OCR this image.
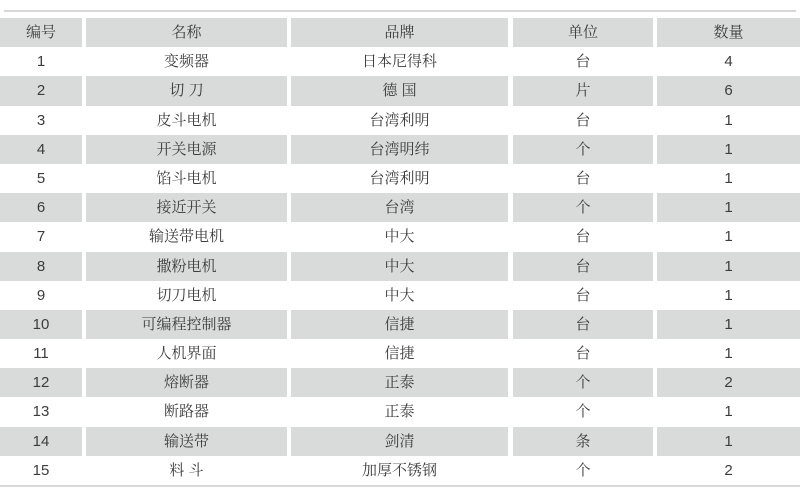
编号	名称	品牌	单位	数量
1	变频器	日本尼得科	台	4
2	切 刀	德 国	片	6
3	皮斗电机	台湾利明	台	1
4	开关电源	台湾明纬	个	1
5	馅斗电机	台湾利明	台	1
6	接近开关	台湾	个	1
7	输送带电机	中大	台	1
8	撒粉电机	中大	台	1
9	切刀电机	中大	台	1
10	可编程控制器	信捷	台	1
11	人机界面	信捷	台	1
12	熔断器	正泰	个	2
13	断路器	正泰	个	1
14	输送带	剑清	条	1
15	料 斗	加厚不锈钢	个	2
